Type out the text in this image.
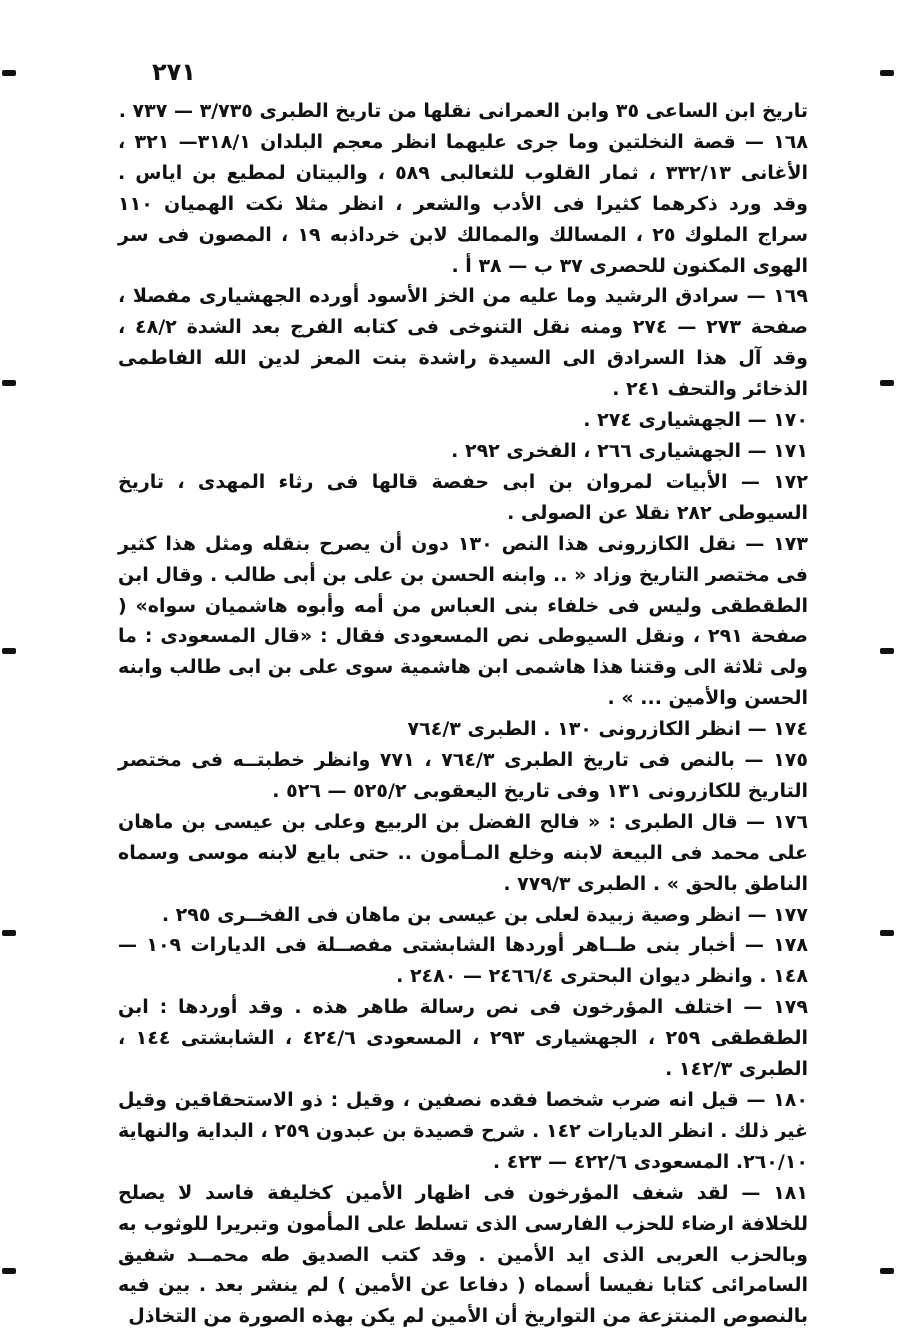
٢٧١

تاريخ ابن الساعى ٣٥ وابن العمرانى نقلها من تاريخ الطبرى ٣/٧٣٥ — ٧٣٧ .

١٦٨ — قصة النخلتين وما جرى عليهما انظر معجم البلدان ٣١٨/١— ٣٢١ ، الأغانى ٣٣٢/١٣ ، ثمار القلوب للثعالبى ٥٨٩ ، والبيتان لمطيع بن اياس . وقد ورد ذكرهما كثيرا فى الأدب والشعر ، انظر مثلا نكت الهميان ١١٠ سراج الملوك ٢٥ ، المسالك والممالك لابن خرداذبه ١٩ ، المصون فى سر الهوى المكنون للحصرى ٣٧ ب — ٣٨ أ .

١٦٩ — سرادق الرشيد وما عليه من الخز الأسود أورده الجهشيارى مفصلا ، صفحة ٢٧٣ — ٢٧٤ ومنه نقل التنوخى فى كتابه الفرج بعد الشدة ٤٨/٢ ، وقد آل هذا السرادق الى السيدة راشدة بنت المعز لدين الله الفاطمى الذخائر والتحف ٢٤١ .

١٧٠ — الجهشيارى ٢٧٤ .

١٧١ — الجهشيارى ٢٦٦ ، الفخرى ٢٩٢ .

١٧٢ — الأبيات لمروان بن ابى حفصة قالها فى رثاء المهدى ، تاريخ السيوطى ٢٨٢ نقلا عن الصولى .

١٧٣ — نقل الكازرونى هذا النص ١٣٠ دون أن يصرح بنقله ومثل هذا كثير فى مختصر التاريخ وزاد « .. وابنه الحسن بن على بن أبى طالب . وقال ابن الطقطقى وليس فى خلفاء بنى العباس من أمه وأبوه هاشميان سواه» ( صفحة ٢٩١ ، ونقل السيوطى نص المسعودى فقال : «قال المسعودى : ما ولى ثلاثة الى وقتنا هذا هاشمى ابن هاشمية سوى على بن ابى طالب وابنه الحسن والأمين ... » .

١٧٤ — انظر الكازرونى ١٣٠ . الطبرى ٧٦٤/٣

١٧٥ — بالنص فى تاريخ الطبرى ٧٦٤/٣ ، ٧٧١ وانظر خطبتــه فى مختصر التاريخ للكازرونى ١٣١ وفى تاريخ اليعقوبى ٥٢٥/٢ — ٥٢٦ .

١٧٦ — قال الطبرى : « فالح الفضل بن الربيع وعلى بن عيسى بن ماهان على محمد فى البيعة لابنه وخلع المـأمون .. حتى بايع لابنه موسى وسماه الناطق بالحق » . الطبرى ٧٧٩/٣ .

١٧٧ — انظر وصية زبيدة لعلى بن عيسى بن ماهان فى الفخــرى ٢٩٥ .

١٧٨ — أخبار بنى طــاهر أوردها الشابشتى مفصــلة فى الديارات ١٠٩ — ١٤٨ . وانظر ديوان البحترى ٢٤٦٦/٤ — ٢٤٨٠ .

١٧٩ — اختلف المؤرخون فى نص رسالة طاهر هذه . وقد أوردها : ابن الطقطقى ٢٥٩ ، الجهشيارى ٢٩٣ ، المسعودى ٤٢٤/٦ ، الشابشتى ١٤٤ ، الطبرى ١٤٢/٣ .

١٨٠ — قيل انه ضرب شخصا فقده نصفين ، وقيل : ذو الاستحقاقين وقيل غير ذلك . انظر الديارات ١٤٢ . شرح قصيدة بن عبدون ٢٥٩ ، البداية والنهاية ٢٦٠/١٠. المسعودى ٤٢٢/٦ — ٤٢٣ .

١٨١ — لقد شغف المؤرخون فى اظهار الأمين كخليفة فاسد لا يصلح للخلافة ارضاء للحزب الفارسى الذى تسلط على المأمون وتبريرا للوثوب به وبالحزب العربى الذى ايد الأمين . وقد كتب الصديق طه محمــد شفيق السامرائى كتابا نفيسا أسماه ( دفاعا عن الأمين ) لم ينشر بعد . بين فيه بالنصوص المنتزعة من التواريخ أن الأمين لم يكن بهذه الصورة من التخاذل
